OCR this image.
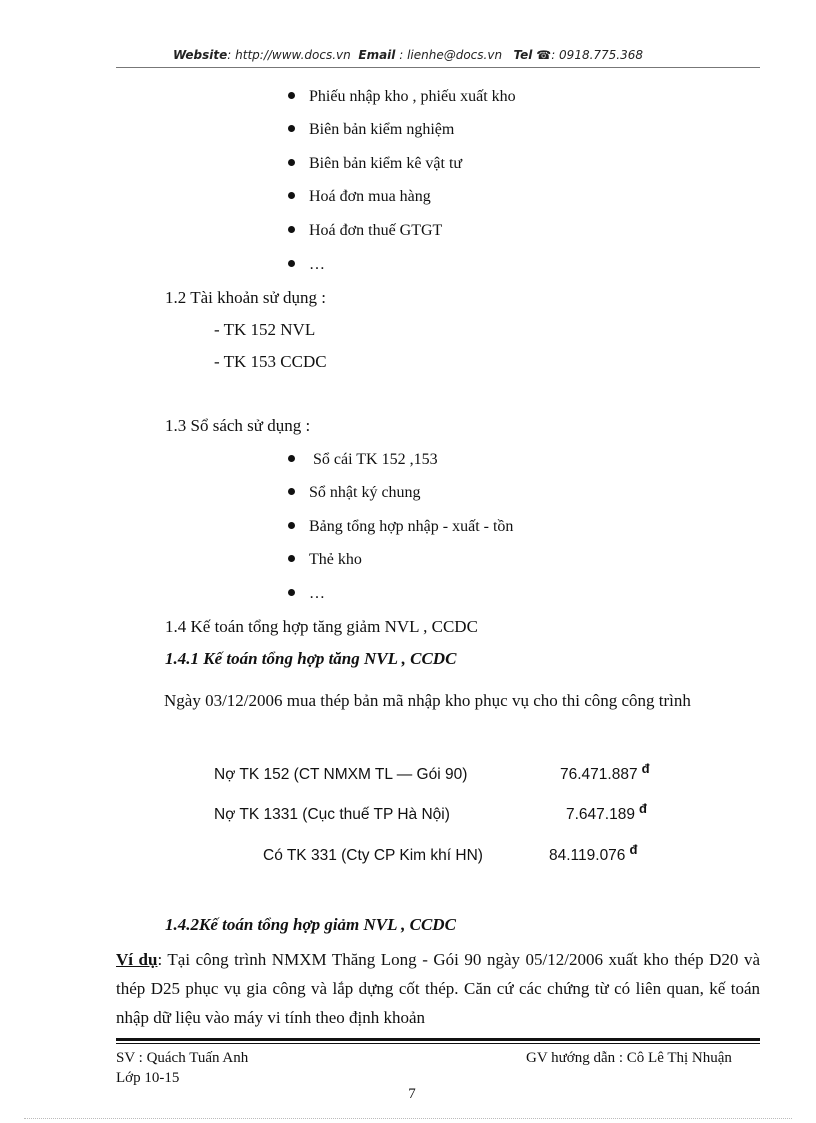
Website: http://www.docs.vn Email : lienhe@docs.vn Tel ☎: 0918.775.368
Phiếu nhập kho , phiếu xuất kho
Biên bản kiểm nghiệm
Biên bản kiểm kê vật tư
Hoá đơn mua hàng
Hoá đơn thuế GTGT
…
1.2 Tài khoản sử dụng :
- TK 152 NVL
- TK 153 CCDC
1.3 Sổ sách sử dụng :
Sổ cái TK 152 ,153
Sổ nhật ký chung
Bảng tổng hợp nhập - xuất - tồn
Thẻ kho
…
1.4 Kế toán tổng hợp tăng giảm NVL , CCDC
1.4.1 Kế toán tổng hợp tăng NVL , CCDC
Ngày 03/12/2006 mua thép bản mã nhập kho phục vụ cho thi công công trình
Nợ TK 152 (CT NMXM TL — Gói 90)	76.471.887 $^đ$
Nợ TK 1331 (Cục thuế TP Hà Nội)	7.647.189 $^đ$
Có TK 331 (Cty CP Kim khí HN)	84.119.076 $^đ$
1.4.2Kế toán tổng hợp giảm NVL , CCDC
Ví dụ: Tại công trình NMXM Thăng Long - Gói 90 ngày 05/12/2006 xuất kho thép D20 và thép D25 phục vụ gia công và lắp dựng cốt thép. Căn cứ các chứng từ có liên quan, kế toán nhập dữ liệu vào máy vi tính theo định khoản
SV : Quách Tuấn Anh
Lớp 10-15
GV hướng dẫn : Cô Lê Thị Nhuận
7
